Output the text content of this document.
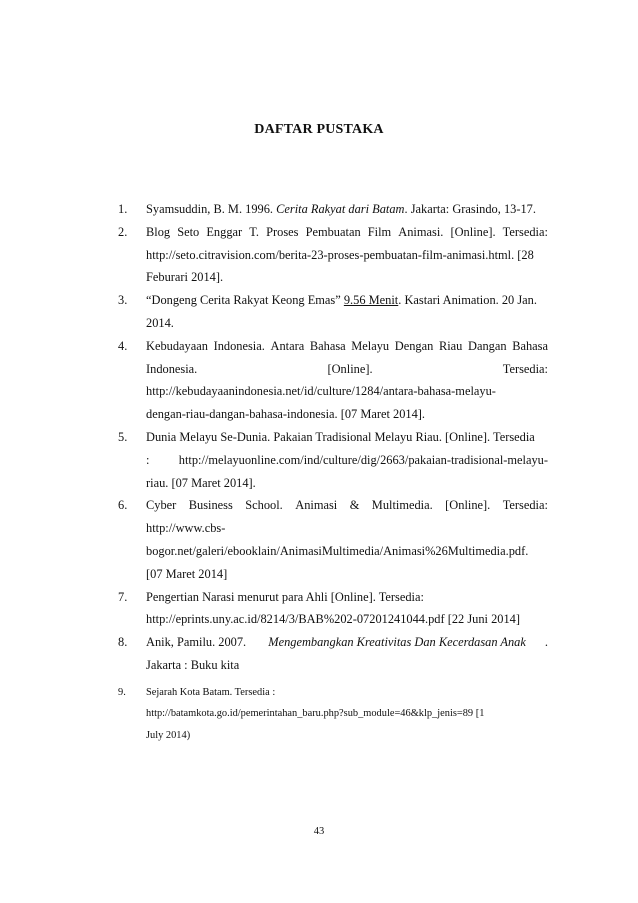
DAFTAR PUSTAKA
1. Syamsuddin, B. M. 1996. Cerita Rakyat dari Batam. Jakarta: Grasindo, 13-17.
2. Blog Seto Enggar T. Proses Pembuatan Film Animasi. [Online]. Tersedia:
http://seto.citravision.com/berita-23-proses-pembuatan-film-animasi.html. [28
Feburari 2014].
3. “Dongeng Cerita Rakyat Keong Emas” 9.56 Menit. Kastari Animation. 20 Jan.
2014.
4. Kebudayaan Indonesia. Antara Bahasa Melayu Dengan Riau Dangan Bahasa
Indonesia.	[Online].	Tersedia:
http://kebudayaanindonesia.net/id/culture/1284/antara-bahasa-melayu-
dengan-riau-dangan-bahasa-indonesia. [07 Maret 2014].
5. Dunia Melayu Se-Dunia. Pakaian Tradisional Melayu Riau. [Online]. Tersedia
: http://melayuonline.com/ind/culture/dig/2663/pakaian-tradisional-melayu-
riau. [07 Maret 2014].
6. Cyber Business School. Animasi & Multimedia. [Online]. Tersedia:
http://www.cbs-
bogor.net/galeri/ebooklain/AnimasiMultimedia/Animasi%26Multimedia.pdf.
[07 Maret 2014]
7. Pengertian Narasi menurut para Ahli [Online]. Tersedia:
http://eprints.uny.ac.id/8214/3/BAB%202-07201241044.pdf [22 Juni 2014]
8. Anik, Pamilu. 2007. Mengembangkan Kreativitas Dan Kecerdasan Anak .
Jakarta : Buku kita
9. Sejarah Kota Batam. Tersedia :
http://batamkota.go.id/pemerintahan_baru.php?sub_module=46&klp_jenis=89 [1
July 2014)
43
